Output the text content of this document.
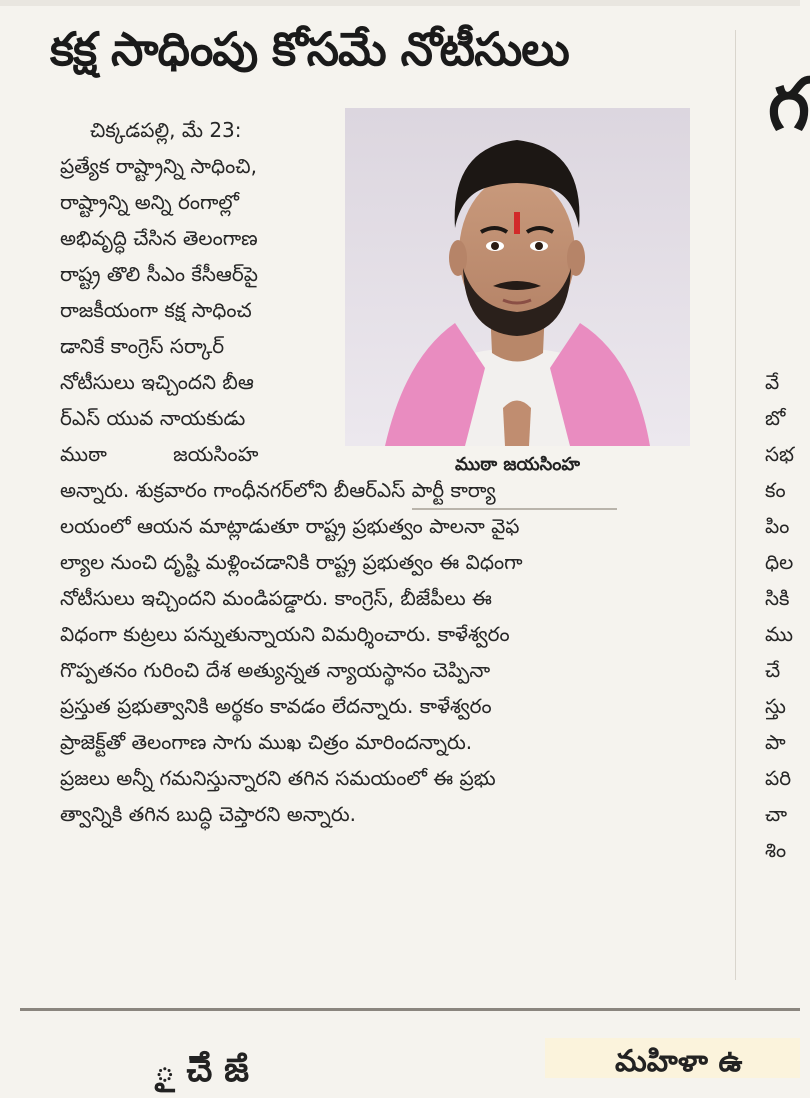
కక్ష సాధింపు కోసమే నోటీసులు
ముఠా జయసింహ

చిక్కడపల్లి, మే 23:

ప్రత్యేక రాష్ట్రాన్ని సాధించి,

రాష్ట్రాన్ని అన్ని రంగాల్లో

అభివృద్ధి చేసిన తెలంగాణ

రాష్ట్ర తొలి సీఎం కేసీఆర్‌పై

రాజకీయంగా కక్ష సాధించ

డానికే కాంగ్రెస్ సర్కార్

నోటీసులు ఇచ్చిందని బీఆ

ర్ఎస్ యువ నాయకుడు

ముఠా జయసింహ

అన్నారు. శుక్రవారం గాంధీనగర్‌లోని బీఆర్ఎస్ పార్టీ కార్యా

లయంలో ఆయన మాట్లాడుతూ రాష్ట్ర ప్రభుత్వం పాలనా వైఫ

ల్యాల నుంచి దృష్టి మళ్లించడానికి రాష్ట్ర ప్రభుత్వం ఈ విధంగా

నోటీసులు ఇచ్చిందని మండిపడ్డారు. కాంగ్రెస్, బీజేపీలు ఈ

విధంగా కుట్రలు పన్నుతున్నాయని విమర్శించారు. కాళేశ్వరం

గొప్పతనం గురించి దేశ అత్యున్నత న్యాయస్థానం చెప్పినా

ప్రస్తుత ప్రభుత్వానికి అర్థకం కావడం లేదన్నారు. కాళేశ్వరం

ప్రాజెక్ట్‌తో తెలంగాణ సాగు ముఖ చిత్రం మారిందన్నారు.

ప్రజలు అన్నీ గమనిస్తున్నారని తగిన సమయంలో ఈ ప్రభు

త్వాన్నికి తగిన బుద్ధి చెప్తారని అన్నారు.

గ

వే

బో

సభ

కం

పిం

ధిల

సికి

ము

చే

స్తు

పా

పరి

చా

శిం

ౖ ౘె ౙ	మహిళా ఉ
